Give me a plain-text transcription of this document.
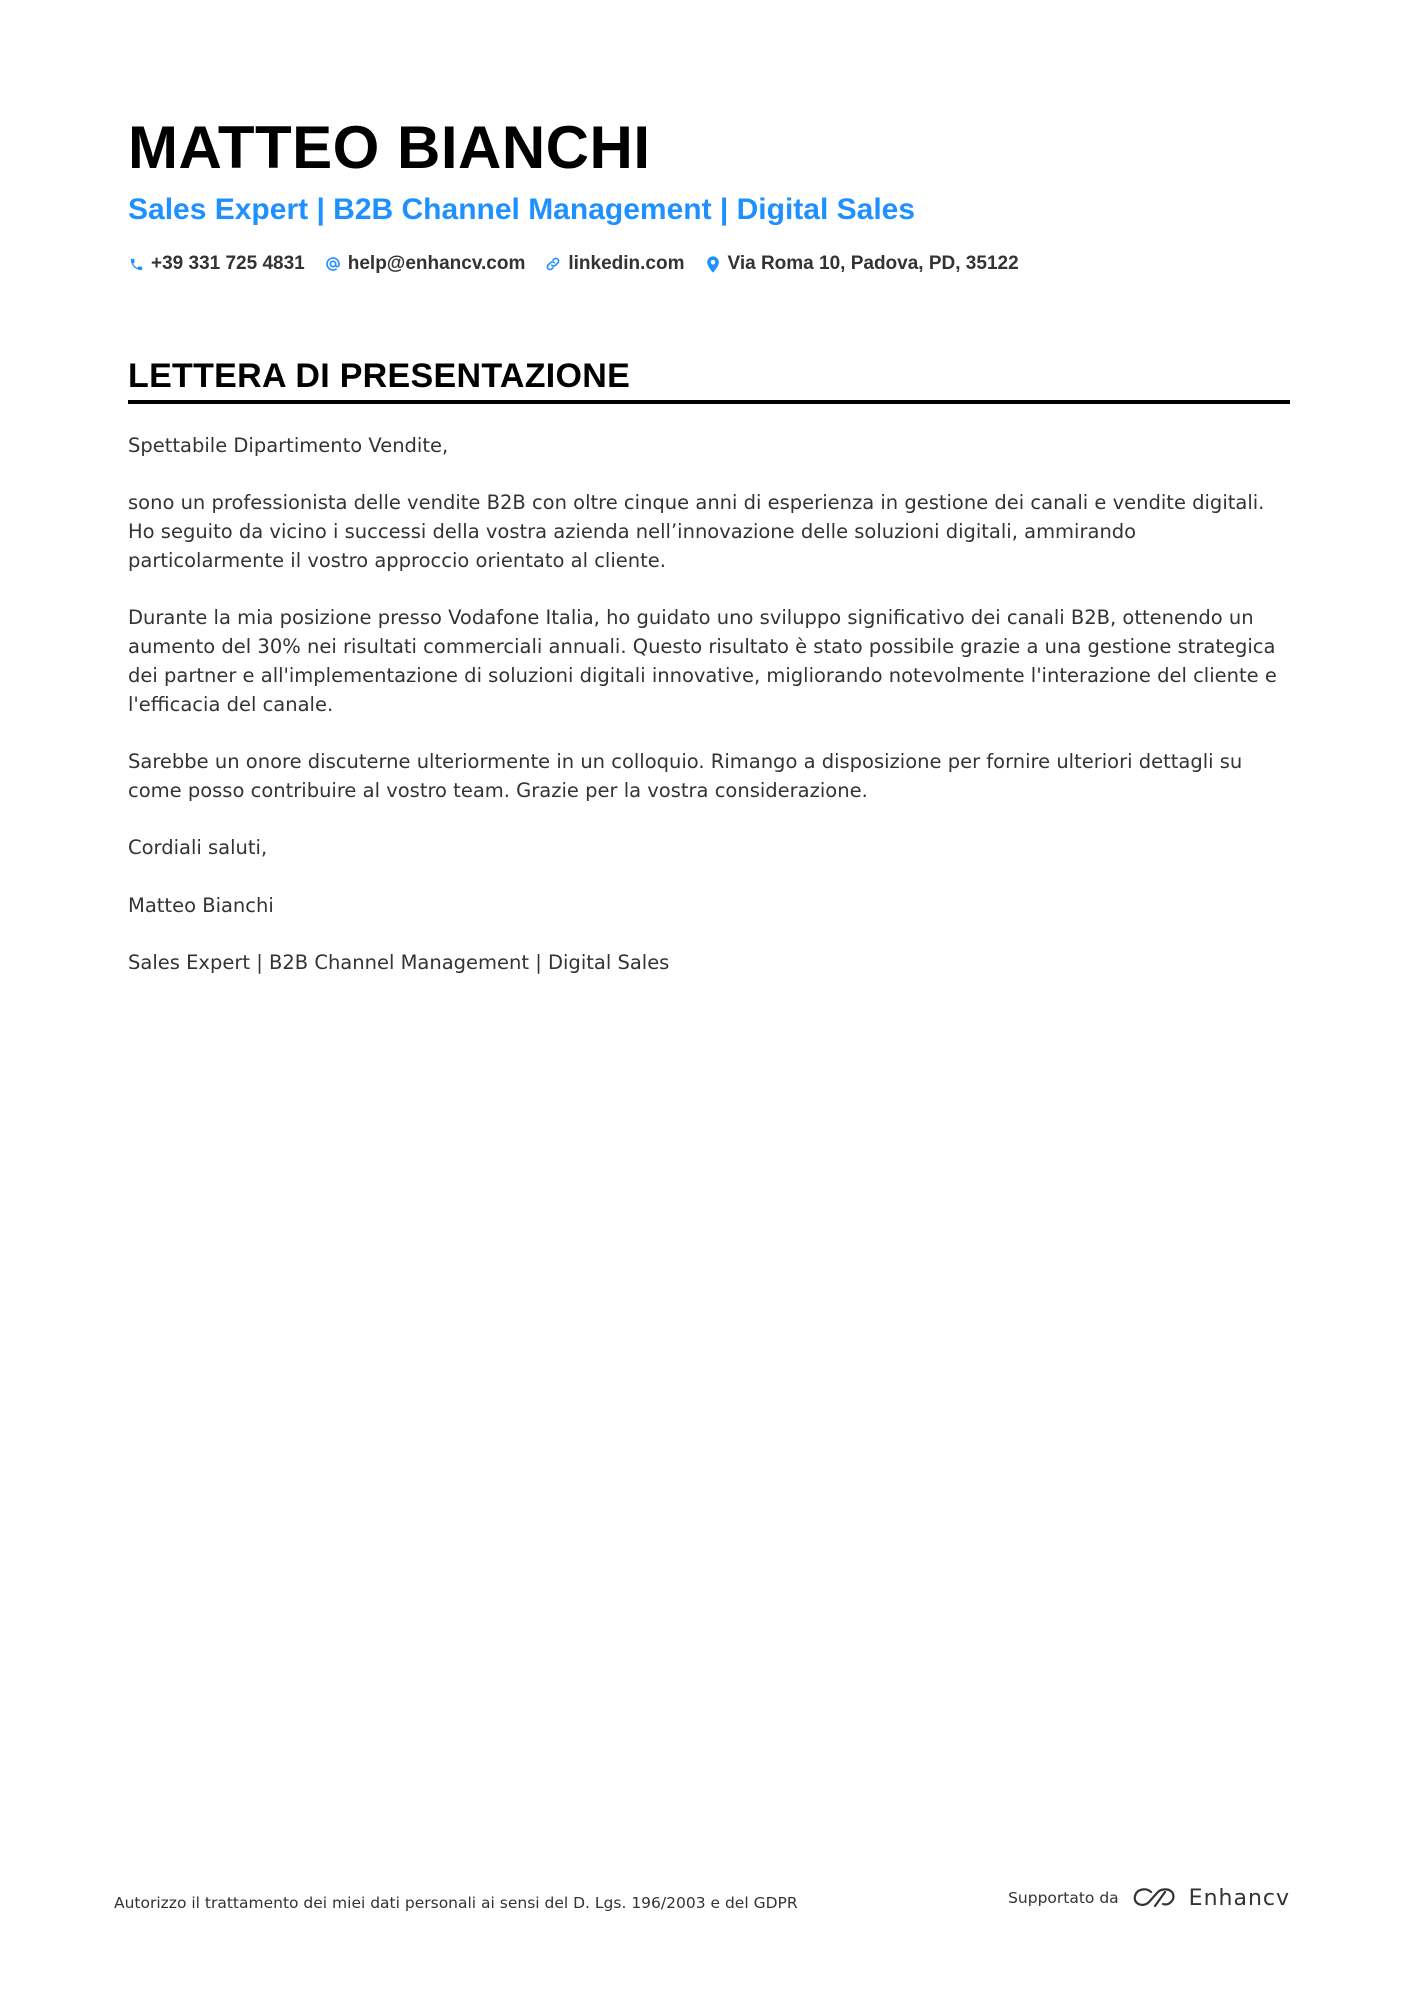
MATTEO BIANCHI
Sales Expert | B2B Channel Management | Digital Sales
+39 331 725 4831 help@enhancv.com linkedin.com Via Roma 10, Padova, PD, 35122
LETTERA DI PRESENTAZIONE

Spettabile Dipartimento Vendite,

sono un professionista delle vendite B2B con oltre cinque anni di esperienza in gestione dei canali e vendite digitali. Ho seguito da vicino i successi della vostra azienda nell’innovazione delle soluzioni digitali, ammirando particolarmente il vostro approccio orientato al cliente.

Durante la mia posizione presso Vodafone Italia, ho guidato uno sviluppo significativo dei canali B2B, ottenendo un aumento del 30% nei risultati commerciali annuali. Questo risultato è stato possibile grazie a una gestione strategica dei partner e all'implementazione di soluzioni digitali innovative, migliorando notevolmente l'interazione del cliente e l'efficacia del canale.

Sarebbe un onore discuterne ulteriormente in un colloquio. Rimango a disposizione per fornire ulteriori dettagli su come posso contribuire al vostro team. Grazie per la vostra considerazione.

Cordiali saluti,

Matteo Bianchi

Sales Expert | B2B Channel Management | Digital Sales

Autorizzo il trattamento dei miei dati personali ai sensi del D. Lgs. 196/2003 e del GDPR	Supportato da	Enhancv
